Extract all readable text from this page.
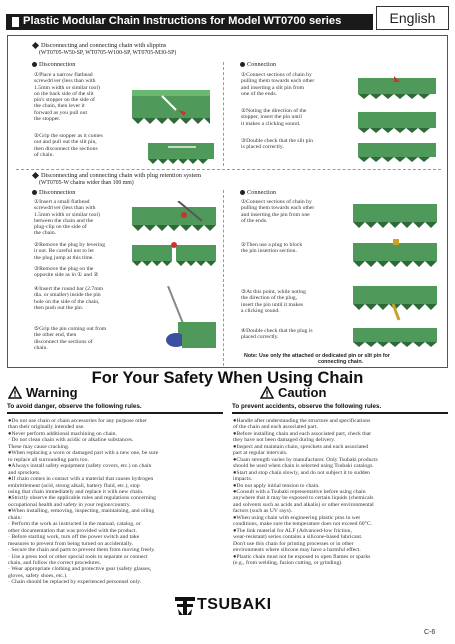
Plastic Modular Chain Instructions for Model WT0700 series	English
Disconnecting and connecting chain with slippins
(WT0705-W50-SP, WT0705-W100-SP, WT0705-M30-SP)
Disconnection	Connection
①Place a narrow flathead
screwdriver (less than with
1.5mm width or similar tool)
on the back side of the slit
pin's stopper on the side of
the chain, then lever it
forward as you pull out
the stopper.
②Grip the stopper as it comes
out and pull out the slit pin,
then disconnect the sections
of chain.
①Connect sections of chain by
pulling them towards each other
and inserting a slit pin from
one of the ends.
②Noting the direction of the
stopper, insert the pin until
it makes a clicking sound.
③Double check that the slit pin
is placed correctly.
Disconnecting and connecting chain with plug retention system
(WT0705-W chains wider than 100 mm)
Disconnection	Connection
①Insert a small flathead
screwdriver (less than with
1.5mm width or similar tool)
between the chain and the
plug-clip on the side of
the chain.
②Remove the plug by levering
it out. Be careful not to let
the plug jump at this time.
③Remove the plug on the
opposite side as in ① and ②
④Insert the round bar (2.7mm
dia. or smaller) inside the pin
hole on the side of the chain,
then push out the pin.
⑤Grip the pin coming out from
the other end, then
disconnect the sections of
chain.
①Connect sections of chain by
pulling them towards each other
and inserting the pin from one
of the ends.
②Then use a plug to block
the pin insertion section.
③At this point, while noting
the direction of the plug,
insert the pin until it makes
a clicking sound.
④Double check that the plug is
placed correctly.
Note: Use only the attached or dedicated pin or slit pin for
connecting chain.
For Your Safety When Using Chain
Warning
To avoid danger, observe the following rules.
Caution
To prevent accidents, observe the following rules.
●Do not use chain or chain accessories for any purpose other
than their originally intended use.
●Never perform additional machining on chain.
· Do not clean chain with acidic or alkaline substances.
These may cause cracking.
●When replacing a worn or damaged part with a new one, be sure
to replace all surrounding parts too.
●Always install safety equipment (safety covers, etc.) on chain
and sprockets.
●If chain comes in contact with a material that causes hydrogen
embrittlement (acid, strong alkali, battery fluid, etc.), stop
using that chain immediately and replace it with new chain.
●Strictly observe the applicable rules and regulations concerning
occupational health and safety in your region/country.
●When installing, removing, inspecting, maintaining, and oiling
chain:
· Perform the work as instructed in the manual, catalog, or
other documentation that was provided with the product.
· Before starting work, turn off the power switch and take
measures to prevent from being turned on accidentally.
· Secure the chain and parts to prevent them from moving freely.
· Use a press tool or other special tools to separate or connect
chain, and follow the correct procedures.
· Wear appropriate clothing and protective gear (safety glasses,
gloves, safety shoes, etc.).
· Chain should be replaced by experienced personnel only.
●Handle after understanding the structure and specifications
of the chain and each associated part.
●Before installing chain and each associated part, check that
they have not been damaged during delivery.
●Inspect and maintain chain, sprockets and each associated
part at regular intervals.
●Chain strength varies by manufacturer. Only Tsubaki products
should be used when chain is selected using Tsubaki catalogs.
●Start and stop chain slowly, and do not subject it to sudden
impacts.
●Do not apply initial tension to chain.
●Consult with a Tsubaki representative before using chain
anywhere that it may be exposed to certain liquids (chemicals
and solvents such as acids and alkalis) or other environmental
factors (such as UV rays).
●When using chain with engineering plastic pins in wet
conditions, make sure the temperature does not exceed 60°C.
●The link material for ALF (Advanced-low friction,
wear-resistant) series contains a silicone-based lubricant.
Don't use this chain for printing processes or in other
environments where silicone may have a harmful effect.
●Plastic chain must not be exposed to open flames or sparks
(e.g., from welding, fusion cutting, or grinding).
TSUBAKI
C-6
